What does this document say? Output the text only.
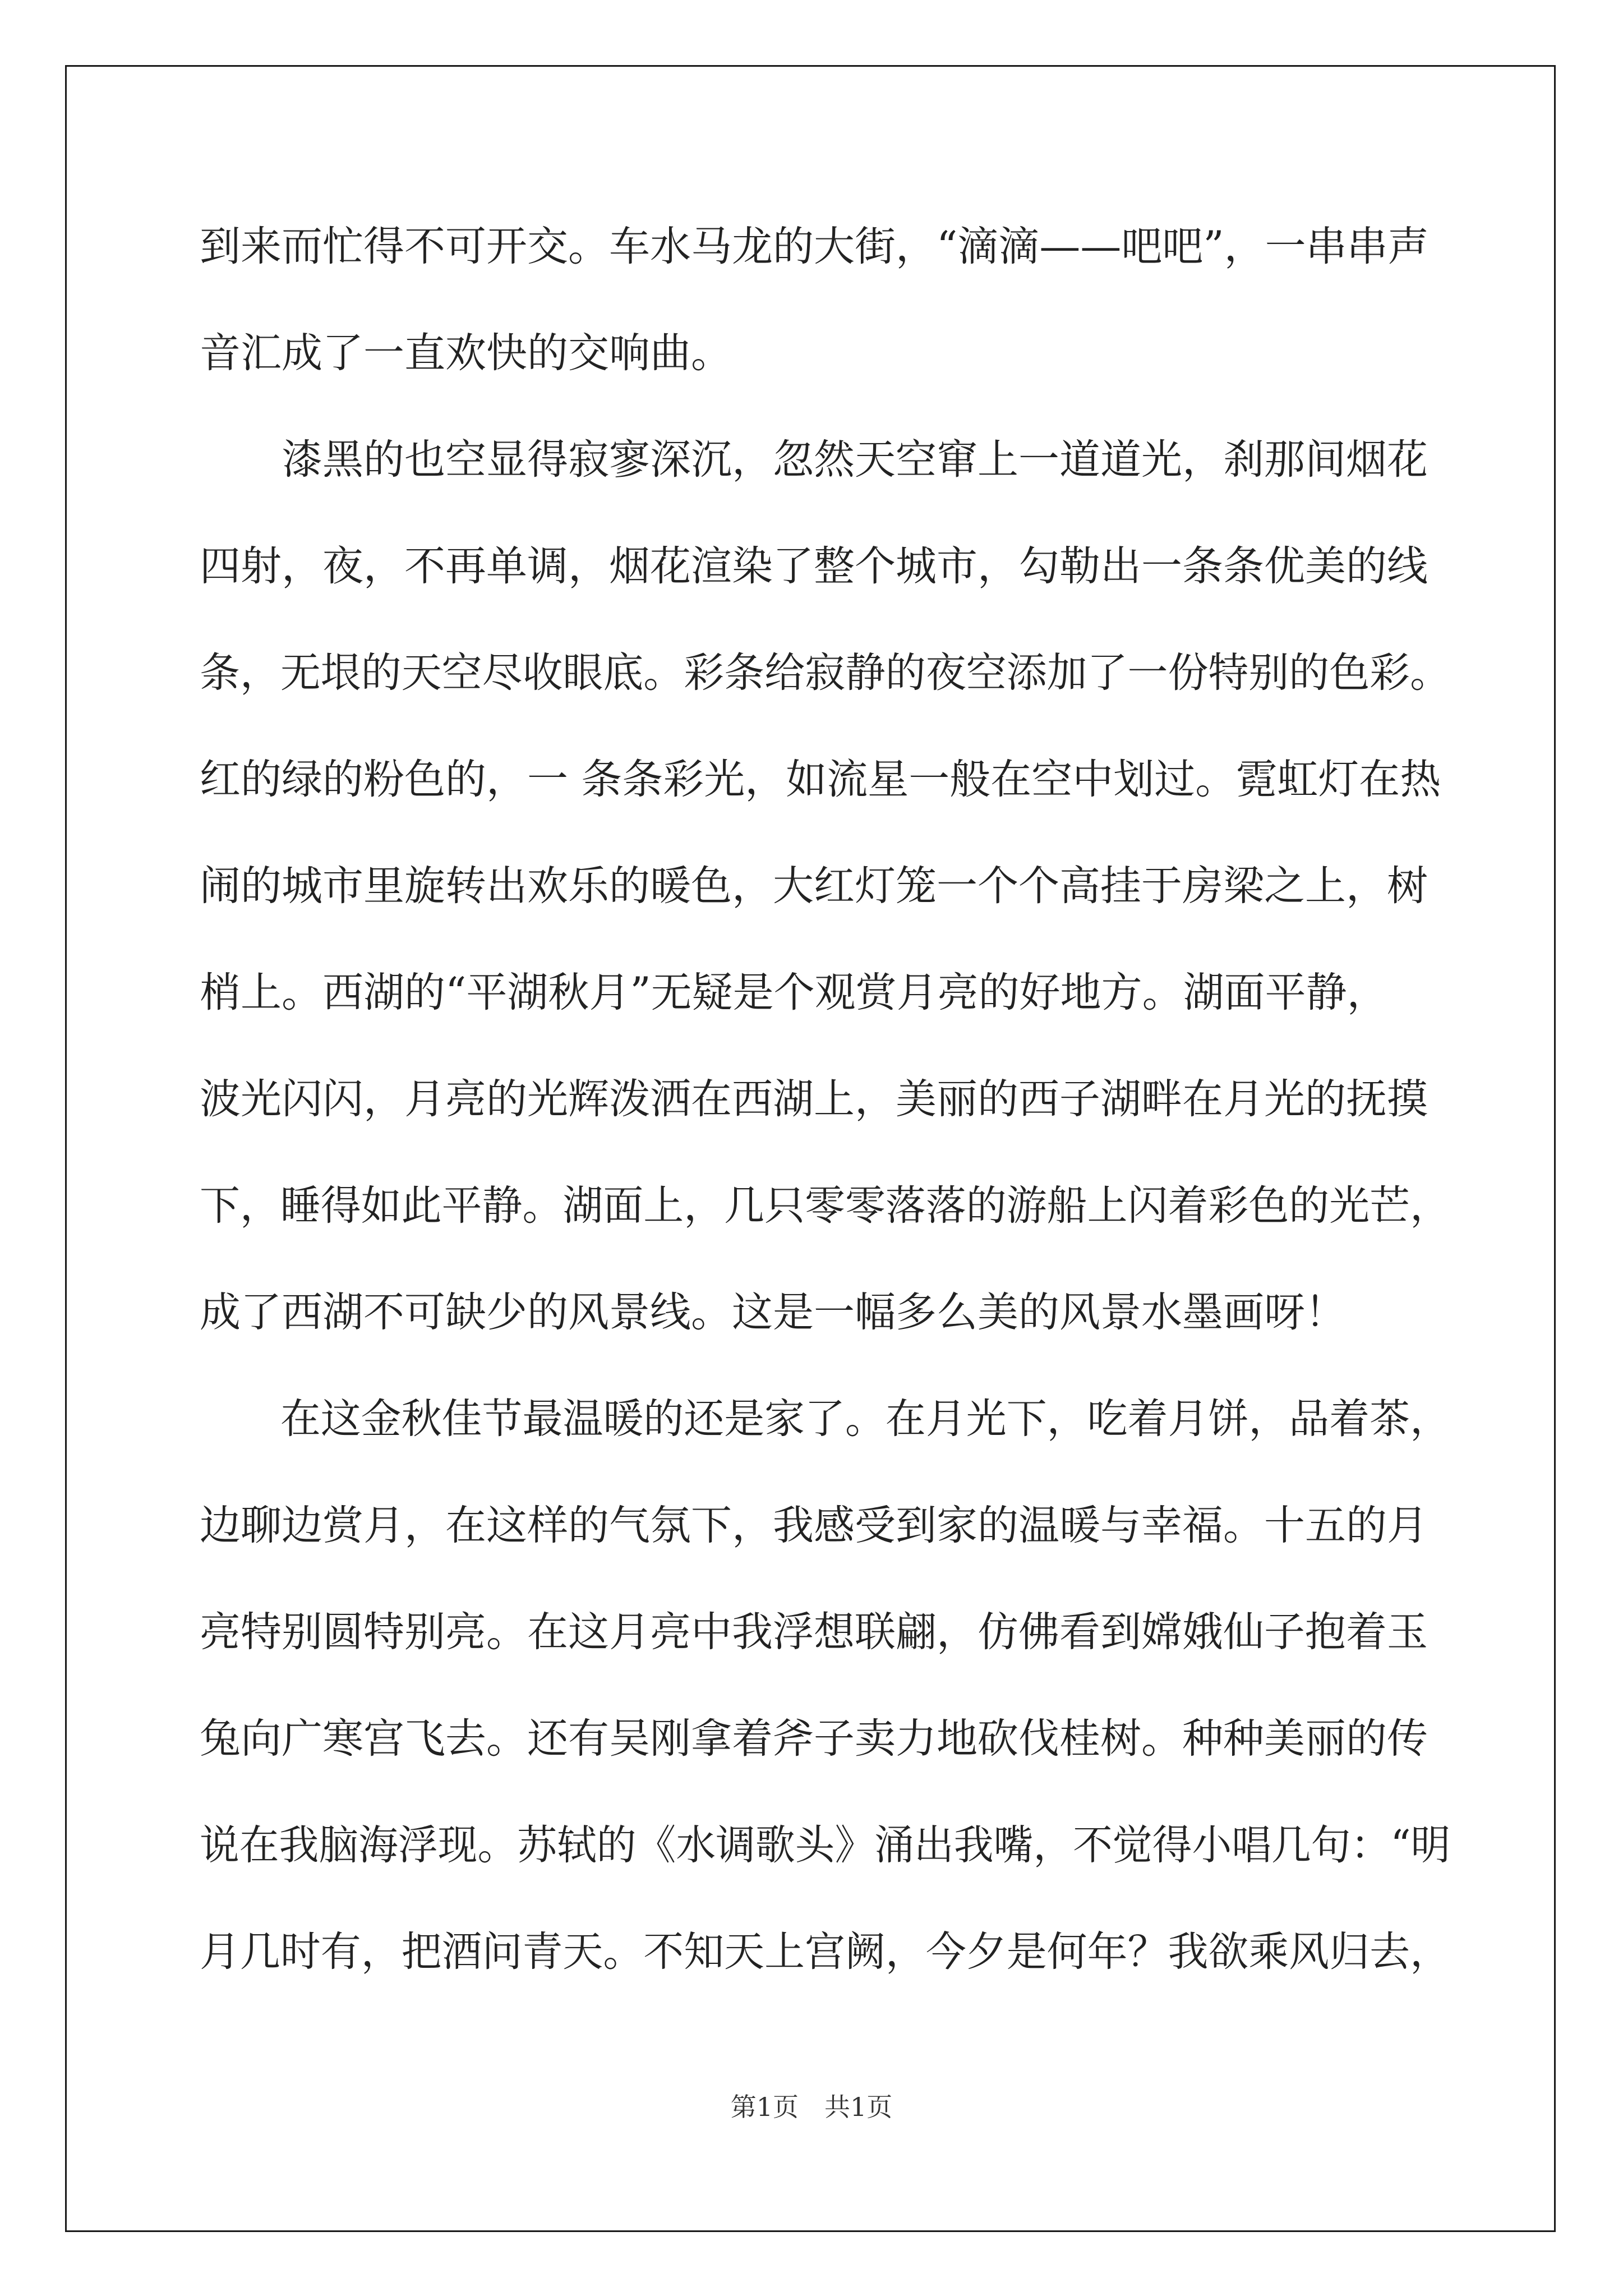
到来而忙得不可开交。车水马龙的大街，“滴滴——吧吧”，一串串声
音汇成了一直欢快的交响曲。
　　漆黑的也空显得寂寥深沉，忽然天空窜上一道道光，刹那间烟花
四射，夜，不再单调，烟花渲染了整个城市，勾勒出一条条优美的线
条，无垠的天空尽收眼底。彩条给寂静的夜空添加了一份特别的色彩。
红的绿的粉色的，一 条条彩光，如流星一般在空中划过。霓虹灯在热
闹的城市里旋转出欢乐的暖色，大红灯笼一个个高挂于房梁之上，树
梢上。西湖的“平湖秋月”无疑是个观赏月亮的好地方。湖面平静，
波光闪闪，月亮的光辉泼洒在西湖上，美丽的西子湖畔在月光的抚摸
下，睡得如此平静。湖面上，几只零零落落的游船上闪着彩色的光芒，
成了西湖不可缺少的风景线。这是一幅多么美的风景水墨画呀！
　　在这金秋佳节最温暖的还是家了。在月光下，吃着月饼，品着茶，
边聊边赏月，在这样的气氛下，我感受到家的温暖与幸福。十五的月
亮特别圆特别亮。在这月亮中我浮想联翩，仿佛看到嫦娥仙子抱着玉
兔向广寒宫飞去。还有吴刚拿着斧子卖力地砍伐桂树。种种美丽的传
说在我脑海浮现。苏轼的《水调歌头》涌出我嘴，不觉得小唱几句：“明
月几时有，把酒问青天。不知天上宫阙，今夕是何年？我欲乘风归去，
第1页　共1页
